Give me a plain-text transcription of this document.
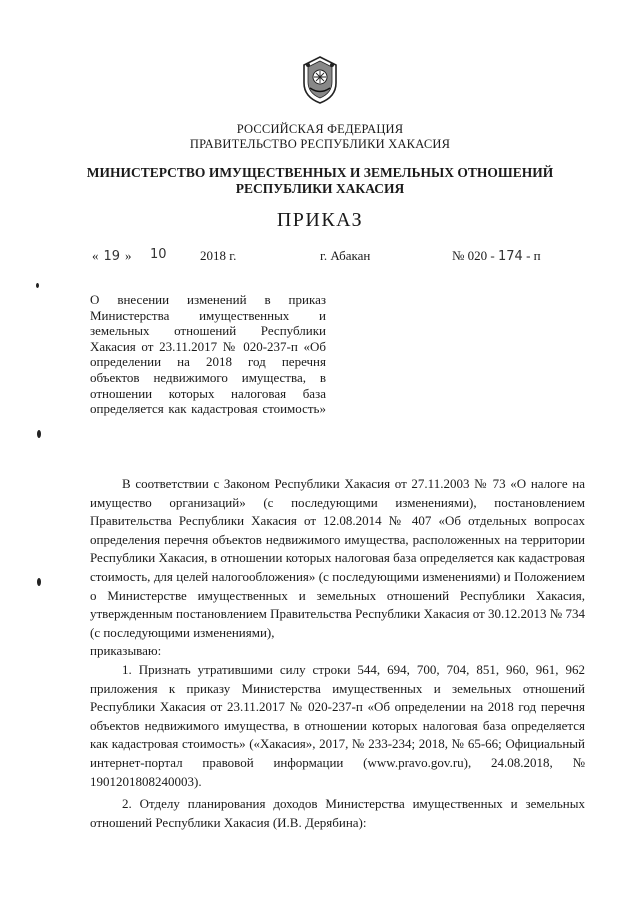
РОССИЙСКАЯ ФЕДЕРАЦИЯ
ПРАВИТЕЛЬСТВО РЕСПУБЛИКИ ХАКАСИЯ
МИНИСТЕРСТВО ИМУЩЕСТВЕННЫХ И ЗЕМЕЛЬНЫХ ОТНОШЕНИЙ
РЕСПУБЛИКИ ХАКАСИЯ
ПРИКАЗ
« 19 » 10	2018 г.	г. Абакан	№ 020 - 174 - п
О внесении изменений в приказ Министерства имущественных и земельных отношений Республики Хакасия от 23.11.2017 № 020-237-п «Об определении на 2018 год перечня объектов недвижимого имущества, в отношении которых налоговая база определяется как кадастровая стоимость»

В соответствии с Законом Республики Хакасия от 27.11.2003 № 73 «О налоге на имущество организаций» (с последующими изменениями), постановлением Правительства Республики Хакасия от 12.08.2014 № 407 «Об отдельных вопросах определения перечня объектов недвижимого имущества, расположенных на территории Республики Хакасия, в отношении которых налоговая база определяется как кадастровая стоимость, для целей налогообложения» (с последующими изменениями) и Положением о Министерстве имущественных и земельных отношений Республики Хакасия, утвержденным постановлением Правительства Республики Хакасия от 30.12.2013 № 734 (с последующими изменениями),

приказываю:

1. Признать утратившими силу строки 544, 694, 700, 704, 851, 960, 961, 962 приложения к приказу Министерства имущественных и земельных отношений Республики Хакасия от 23.11.2017 № 020-237-п «Об определении на 2018 год перечня объектов недвижимого имущества, в отношении которых налоговая база определяется как кадастровая стоимость» («Хакасия», 2017, № 233-234; 2018, № 65-66; Официальный интернет-портал правовой информации (www.pravo.gov.ru), 24.08.2018, № 1901201808240003).

2. Отделу планирования доходов Министерства имущественных и земельных отношений Республики Хакасия (И.В. Дерябина):
